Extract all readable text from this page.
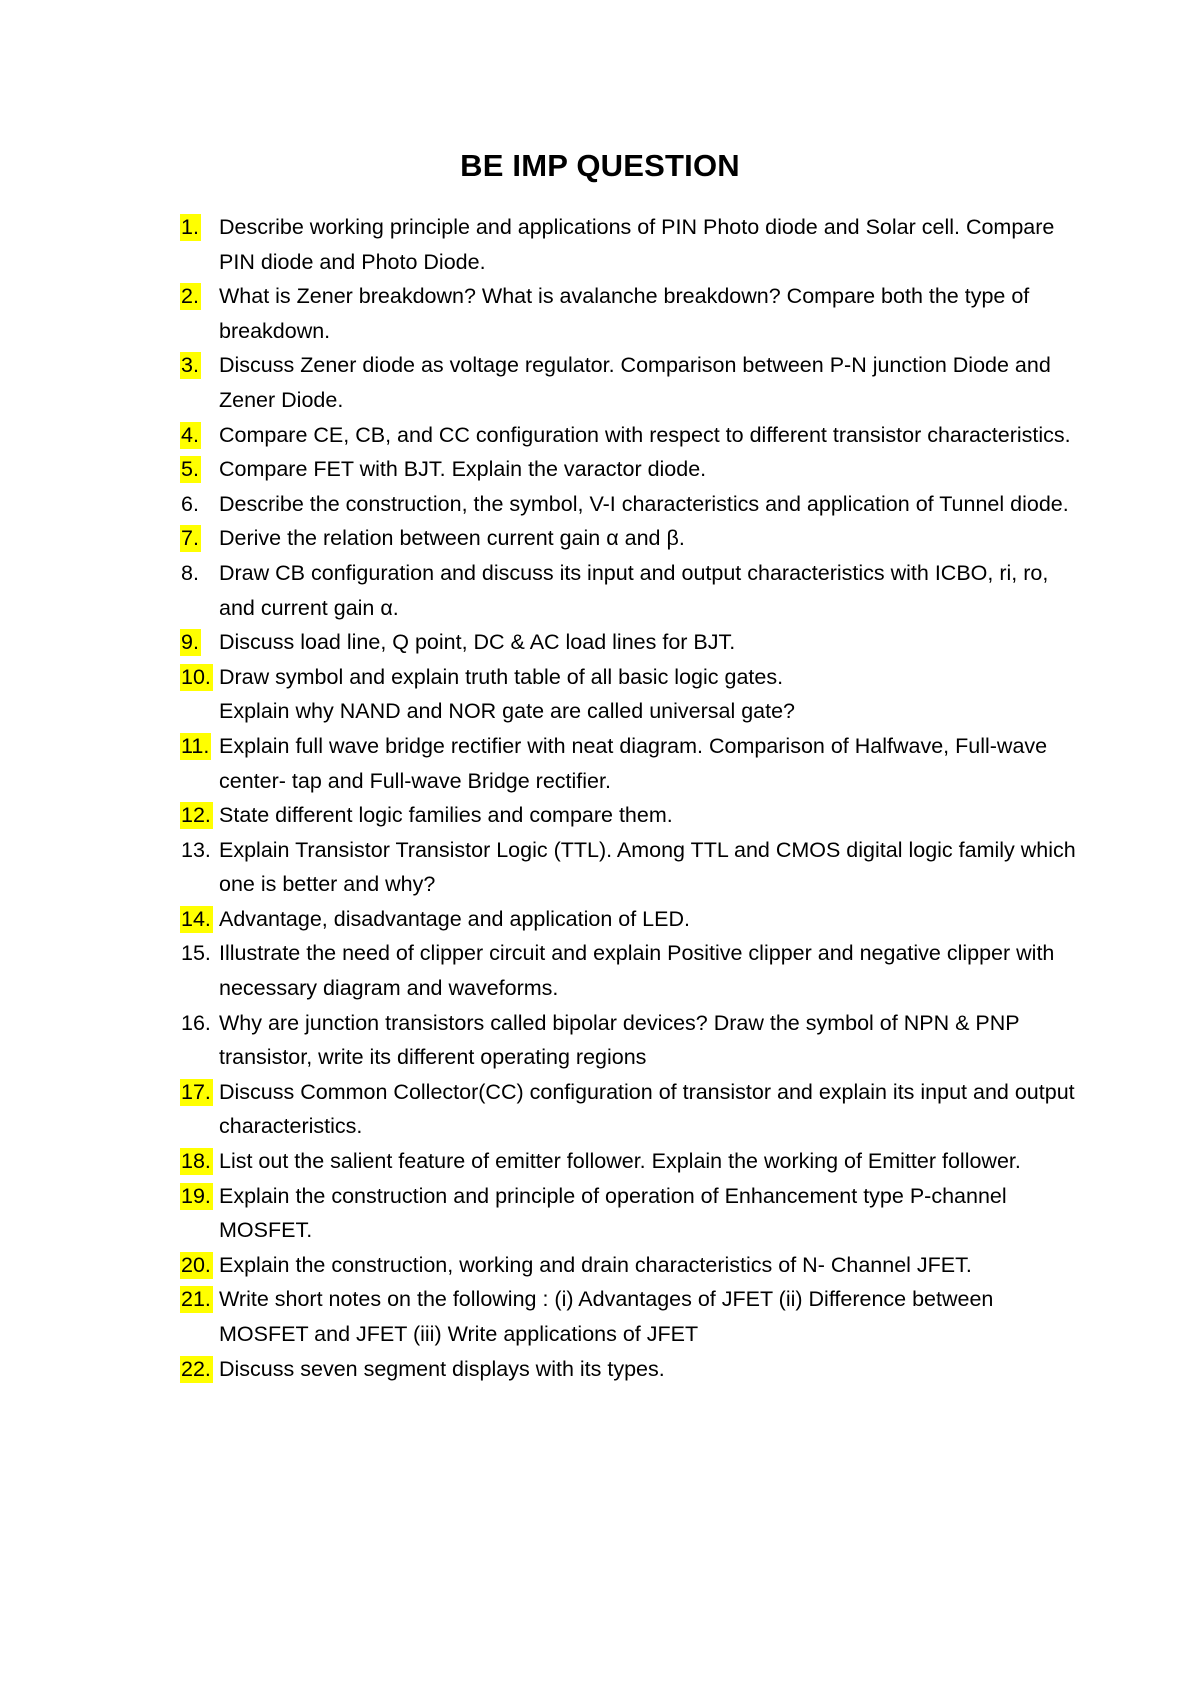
BE IMP QUESTION
1. Describe working principle and applications of PIN Photo diode and Solar cell. Compare PIN diode and Photo Diode.
2. What is Zener breakdown? What is avalanche breakdown? Compare both the type of breakdown.
3. Discuss Zener diode as voltage regulator. Comparison between P-N junction Diode and Zener Diode.
4. Compare CE, CB, and CC configuration with respect to different transistor characteristics.
5. Compare FET with BJT. Explain the varactor diode.
6. Describe the construction, the symbol, V-I characteristics and application of Tunnel diode.
7. Derive the relation between current gain α and β.
8. Draw CB configuration and discuss its input and output characteristics with ICBO, ri, ro, and current gain α.
9. Discuss load line, Q point, DC & AC load lines for BJT.
10. Draw symbol and explain truth table of all basic logic gates.
Explain why NAND and NOR gate are called universal gate?
11. Explain full wave bridge rectifier with neat diagram. Comparison of Halfwave, Full-wave center- tap and Full-wave Bridge rectifier.
12. State different logic families and compare them.
13. Explain Transistor Transistor Logic (TTL). Among TTL and CMOS digital logic family which one is better and why?
14. Advantage, disadvantage and application of LED.
15. Illustrate the need of clipper circuit and explain Positive clipper and negative clipper with necessary diagram and waveforms.
16. Why are junction transistors called bipolar devices? Draw the symbol of NPN & PNP transistor, write its different operating regions
17. Discuss Common Collector(CC) configuration of transistor and explain its input and output characteristics.
18. List out the salient feature of emitter follower. Explain the working of Emitter follower.
19. Explain the construction and principle of operation of Enhancement type P-channel MOSFET.
20. Explain the construction, working and drain characteristics of N- Channel JFET.
21. Write short notes on the following : (i) Advantages of JFET (ii) Difference between MOSFET and JFET (iii) Write applications of JFET
22. Discuss seven segment displays with its types.
